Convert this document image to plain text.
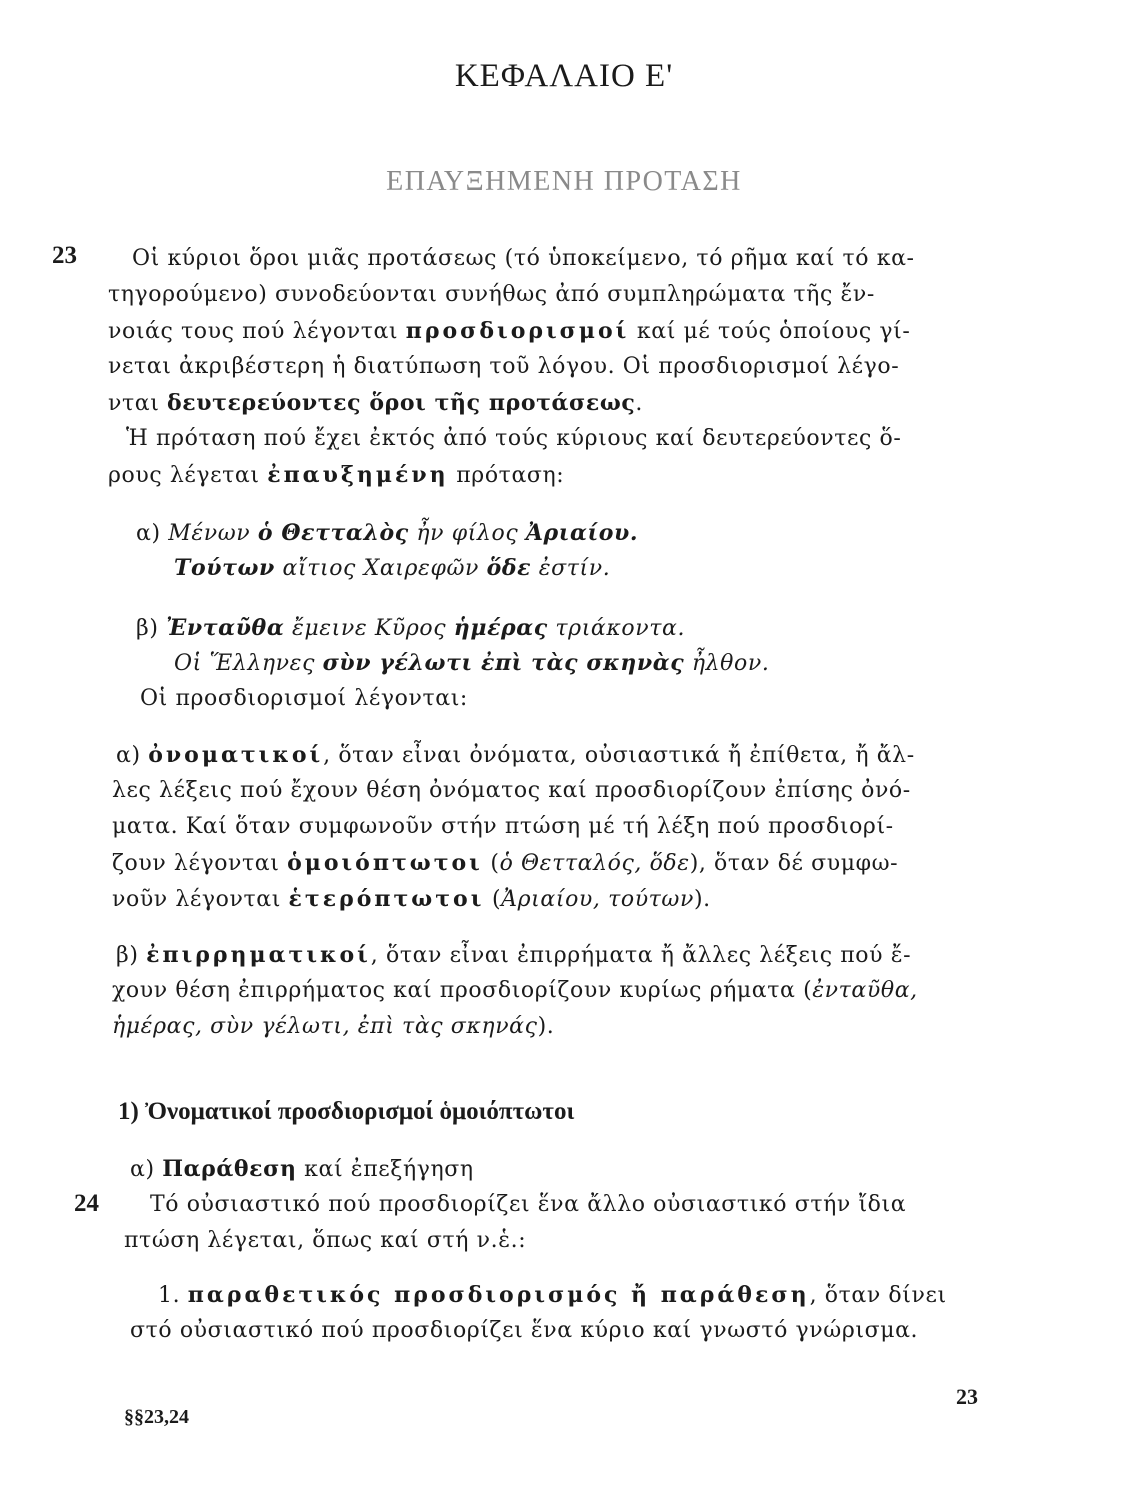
ΚΕΦΑΛΑΙΟ Ε'
ΕΠΑΥΞΗΜΕΝΗ ΠΡΟΤΑΣΗ
23	Οἱ κύριοι ὅροι μιᾶς προτάσεως (τό ὑποκείμενο, τό ρῆμα καί τό κα-
τηγορούμενο) συνοδεύονται συνήθως ἀπό συμπληρώματα τῆς ἔν-
νοιάς τους πού λέγονται προσδιορισμοί καί μέ τούς ὁποίους γί-
νεται ἀκριβέστερη ἡ διατύπωση τοῦ λόγου. Οἱ προσδιορισμοί λέγο-
νται δευτερεύοντες ὅροι τῆς προτάσεως.
Ἡ πρόταση πού ἔχει ἐκτός ἀπό τούς κύριους καί δευτερεύοντες ὅ-
ρους λέγεται ἐπαυξημένη πρόταση:
α) Μένων ὁ Θετταλὸς ἦν φίλος Ἀριαίου.
Τούτων αἴτιος Χαιρεφῶν ὅδε ἐστίν.
β) Ἐνταῦθα ἔμεινε Κῦρος ἡμέρας τριάκοντα.
Οἱ Ἕλληνες σὺν γέλωτι ἐπὶ τὰς σκηνὰς ἦλθον.
Οἱ προσδιορισμοί λέγονται:
α) ὀνοματικοί, ὅταν εἶναι ὀνόματα, οὐσιαστικά ἤ ἐπίθετα, ἤ ἄλ-
λες λέξεις πού ἔχουν θέση ὀνόματος καί προσδιορίζουν ἐπίσης ὀνό-
ματα. Καί ὅταν συμφωνοῦν στήν πτώση μέ τή λέξη πού προσδιορί-
ζουν λέγονται ὁμοιόπτωτοι (ὁ Θετταλός, ὅδε), ὅταν δέ συμφω-
νοῦν λέγονται ἑτερόπτωτοι (Ἀριαίου, τούτων).
β) ἐπιρρηματικοί, ὅταν εἶναι ἐπιρρήματα ἤ ἄλλες λέξεις πού ἔ-
χουν θέση ἐπιρρήματος καί προσδιορίζουν κυρίως ρήματα (ἐνταῦθα,
ἡμέρας, σὺν γέλωτι, ἐπὶ τὰς σκηνάς).
1) Ὀνοματικοί προσδιορισμοί ὁμοιόπτωτοι
α) Παράθεση καί ἐπεξήγηση
24 Τό οὐσιαστικό πού προσδιορίζει ἕνα ἄλλο οὐσιαστικό στήν ἴδια
πτώση λέγεται, ὅπως καί στή ν.ἑ.:
1. παραθετικός προσδιορισμός ἤ παράθεση, ὅταν δίνει
στό οὐσιαστικό πού προσδιορίζει ἕνα κύριο καί γνωστό γνώρισμα.
§§23,24
23
